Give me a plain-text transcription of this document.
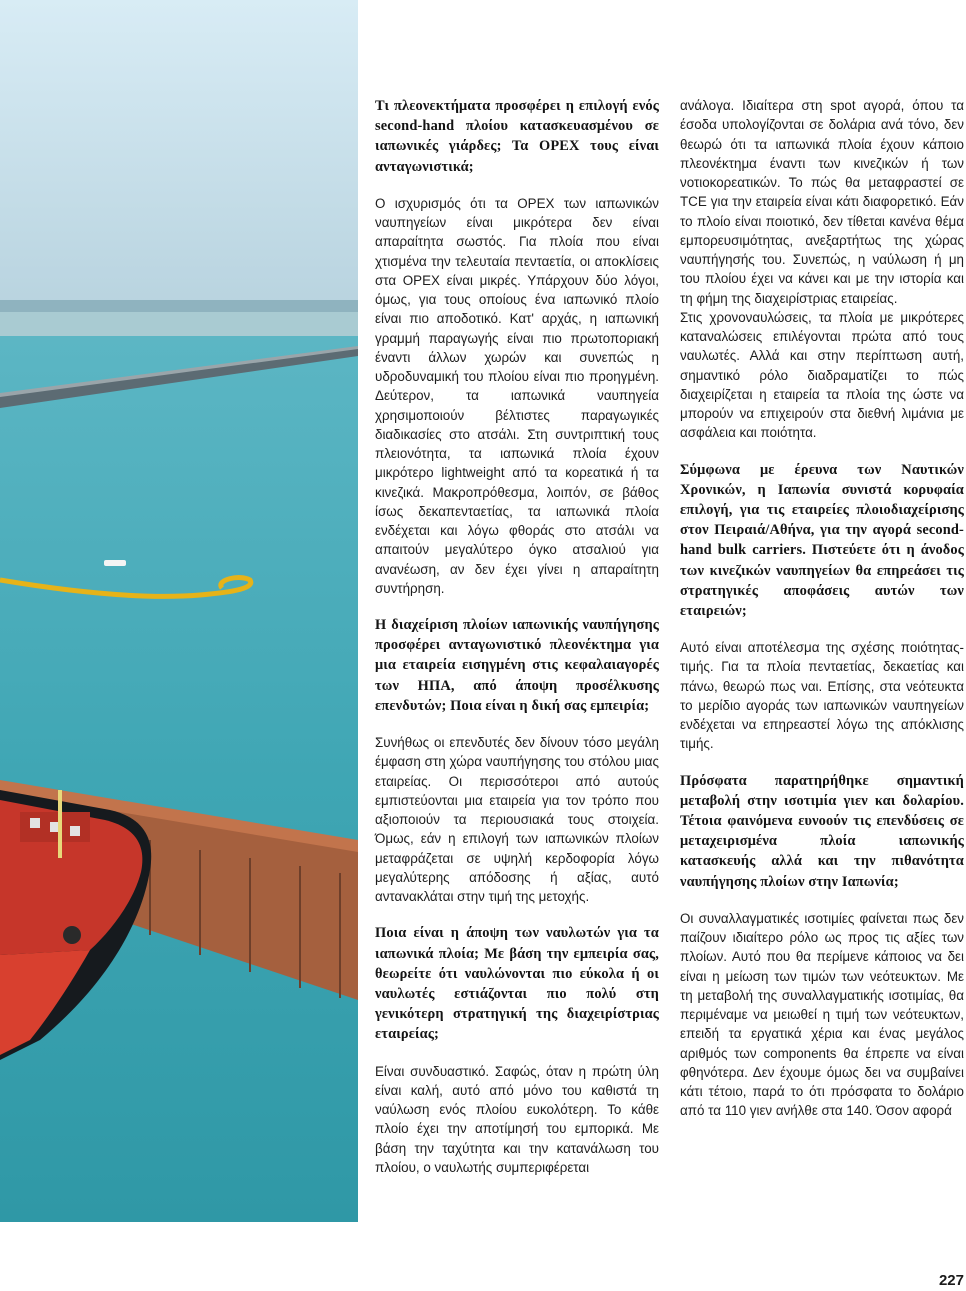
Τι πλεονεκτήματα προσφέρει η επιλογή ενός second-hand πλοίου κατασκευασμένου σε ιαπωνικές γιάρδες; Τα OPEX τους είναι ανταγωνιστικά;

Ο ισχυρισμός ότι τα OPEX των ιαπωνικών ναυπηγείων είναι μικρότερα δεν είναι απαραίτητα σωστός. Για πλοία που είναι χτισμένα την τελευταία πενταετία, οι αποκλίσεις στα OPEX είναι μικρές. Υπάρχουν δύο λόγοι, όμως, για τους οποίους ένα ιαπωνικό πλοίο είναι πιο αποδοτικό. Κατ' αρχάς, η ιαπωνική γραμμή παραγωγής είναι πιο πρωτοποριακή έναντι άλλων χωρών και συνεπώς η υδροδυναμική του πλοίου είναι πιο προηγμένη. Δεύτερον, τα ιαπωνικά ναυπηγεία χρησιμοποιούν βέλτιστες παραγωγικές διαδικασίες στο ατσάλι. Στη συντριπτική τους πλειονότητα, τα ιαπωνικά πλοία έχουν μικρότερο lightweight από τα κορεατικά ή τα κινεζικά. Μακροπρόθεσμα, λοιπόν, σε βάθος ίσως δεκαπενταετίας, τα ιαπωνικά πλοία ενδέχεται και λόγω φθοράς στο ατσάλι να απαιτούν μεγαλύτερο όγκο ατσαλιού για ανανέωση, αν δεν έχει γίνει η απαραίτητη συντήρηση.

Η διαχείριση πλοίων ιαπωνικής ναυπήγησης προσφέρει ανταγωνιστικό πλεονέκτημα για μια εταιρεία εισηγμένη στις κεφαλαιαγορές των ΗΠΑ, από άποψη προσέλκυσης επενδυτών; Ποια είναι η δική σας εμπειρία;

Συνήθως οι επενδυτές δεν δίνουν τόσο μεγάλη έμφαση στη χώρα ναυπήγησης του στόλου μιας εταιρείας. Οι περισσότεροι από αυτούς εμπιστεύονται μια εταιρεία για τον τρόπο που αξιοποιούν τα περιουσιακά τους στοιχεία. Όμως, εάν η επιλογή των ιαπωνικών πλοίων μεταφράζεται σε υψηλή κερδοφορία λόγω μεγαλύτερης απόδοσης ή αξίας, αυτό αντανακλάται στην τιμή της μετοχής.

Ποια είναι η άποψη των ναυλωτών για τα ιαπωνικά πλοία; Με βάση την εμπειρία σας, θεωρείτε ότι ναυλώνονται πιο εύκολα ή οι ναυλωτές εστιάζονται πιο πολύ στη γενικότερη στρατηγική της διαχειρίστριας εταιρείας;

Είναι συνδυαστικό. Σαφώς, όταν η πρώτη ύλη είναι καλή, αυτό από μόνο του καθιστά τη ναύλωση ενός πλοίου ευκολότερη. Το κάθε πλοίο έχει την αποτίμησή του εμπορικά. Με βάση την ταχύτητα και την κατανάλωση του πλοίου, ο ναυλωτής συμπεριφέρεται

ανάλογα. Ιδιαίτερα στη spot αγορά, όπου τα έσοδα υπολογίζονται σε δολάρια ανά τόνο, δεν θεωρώ ότι τα ιαπωνικά πλοία έχουν κάποιο πλεονέκτημα έναντι των κινεζικών ή των νοτιοκορεατικών. Το πώς θα μεταφραστεί σε TCE για την εταιρεία είναι κάτι διαφορετικό. Εάν το πλοίο είναι ποιοτικό, δεν τίθεται κανένα θέμα εμπορευσιμότητας, ανεξαρτήτως της χώρας ναυπήγησής του. Συνεπώς, η ναύλωση ή μη του πλοίου έχει να κάνει και με την ιστορία και τη φήμη της διαχειρίστριας εταιρείας.

Στις χρονοναυλώσεις, τα πλοία με μικρότερες καταναλώσεις επιλέγονται πρώτα από τους ναυλωτές. Αλλά και στην περίπτωση αυτή, σημαντικό ρόλο διαδραματίζει το πώς διαχειρίζεται η εταιρεία τα πλοία της ώστε να μπορούν να επιχειρούν στα διεθνή λιμάνια με ασφάλεια και ποιότητα.

Σύμφωνα με έρευνα των Ναυτικών Χρονικών, η Ιαπωνία συνιστά κορυφαία επιλογή, για τις εταιρείες πλοιοδιαχείρισης στον Πειραιά/Αθήνα, για την αγορά second-hand bulk carriers. Πιστεύετε ότι η άνοδος των κινεζικών ναυπηγείων θα επηρεάσει τις στρατηγικές αποφάσεις αυτών των εταιρειών;

Αυτό είναι αποτέλεσμα της σχέσης ποιότητας-τιμής. Για τα πλοία πενταετίας, δεκαετίας και πάνω, θεωρώ πως ναι. Επίσης, στα νεότευκτα το μερίδιο αγοράς των ιαπωνικών ναυπηγείων ενδέχεται να επηρεαστεί λόγω της απόκλισης τιμής.

Πρόσφατα παρατηρήθηκε σημαντική μεταβολή στην ισοτιμία γιεν και δολαρίου. Τέτοια φαινόμενα ευνοούν τις επενδύσεις σε μεταχειρισμένα πλοία ιαπωνικής κατασκευής αλλά και την πιθανότητα ναυπήγησης πλοίων στην Ιαπωνία;

Οι συναλλαγματικές ισοτιμίες φαίνεται πως δεν παίζουν ιδιαίτερο ρόλο ως προς τις αξίες των πλοίων. Αυτό που θα περίμενε κάποιος να δει είναι η μείωση των τιμών των νεότευκτων. Με τη μεταβολή της συναλλαγματικής ισοτιμίας, θα περιμέναμε να μειωθεί η τιμή των νεότευκτων, επειδή τα εργατικά χέρια και ένας μεγάλος αριθμός των components θα έπρεπε να είναι φθηνότερα. Δεν έχουμε όμως δει να συμβαίνει κάτι τέτοιο, παρά το ότι πρόσφατα το δολάριο από τα 110 γιεν ανήλθε στα 140. Όσον αφορά

227
